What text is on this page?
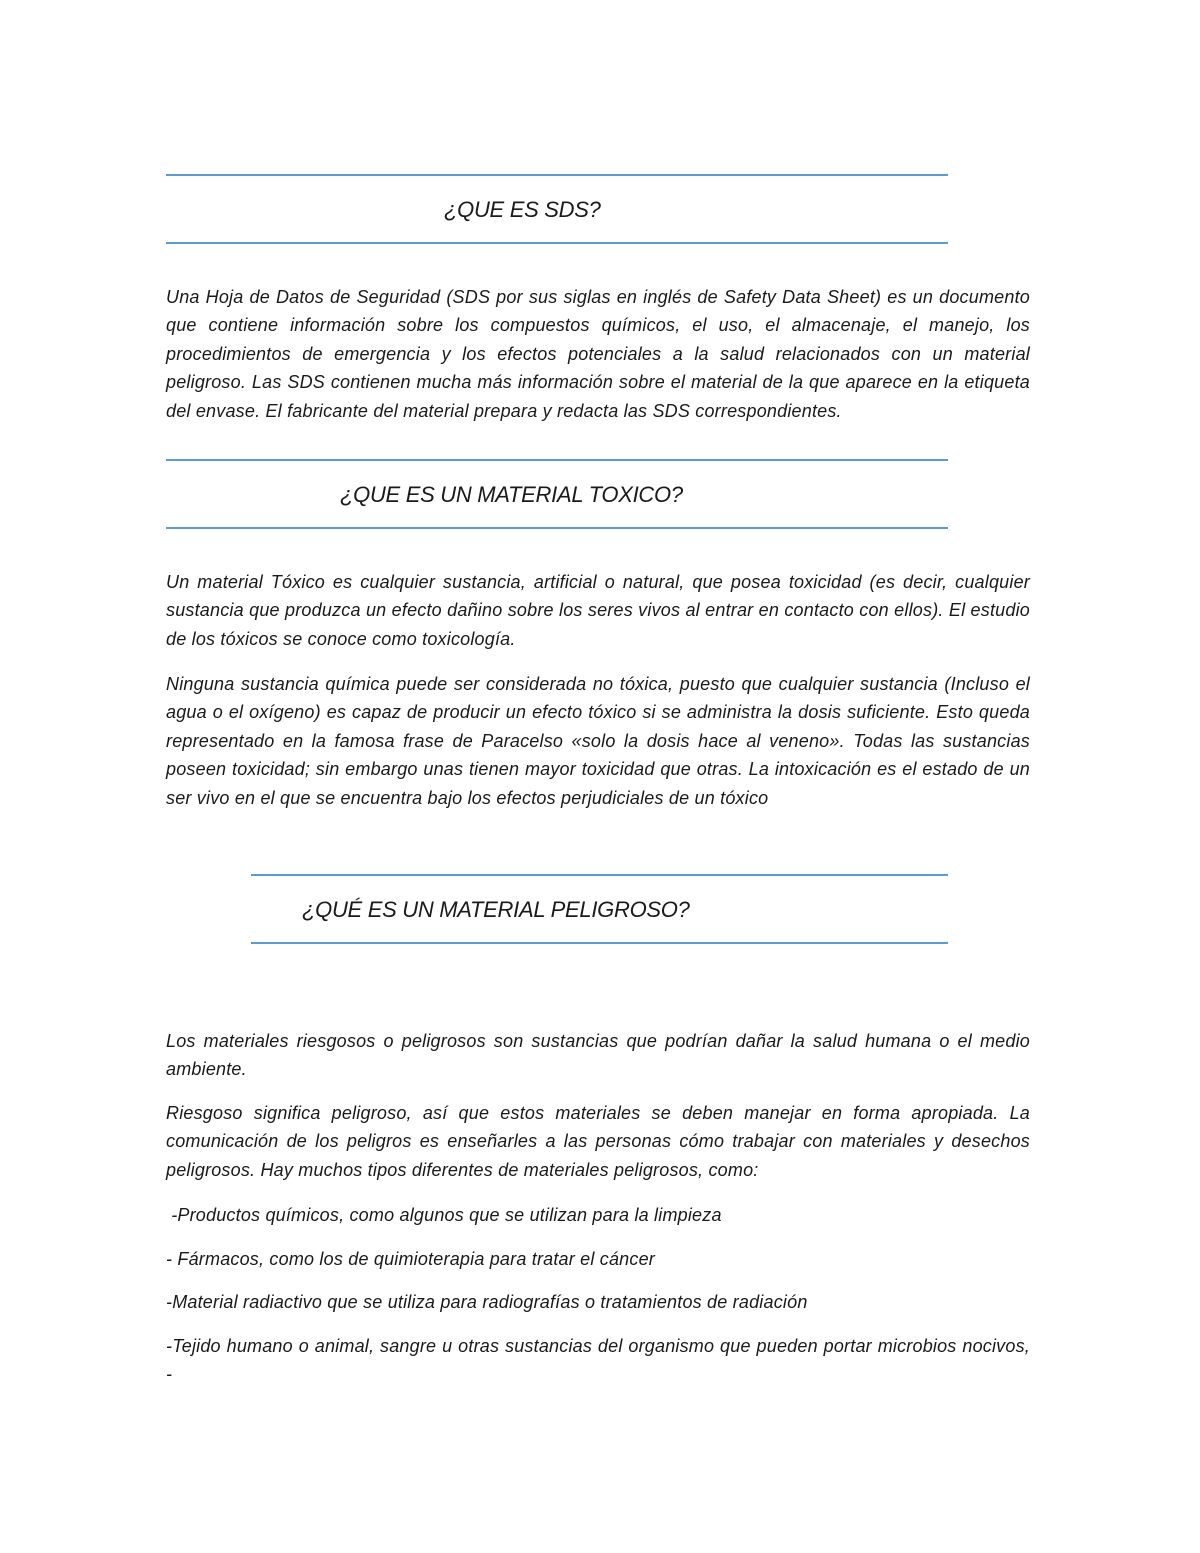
¿QUE ES SDS?

Una Hoja de Datos de Seguridad (SDS por sus siglas en inglés de Safety Data Sheet) es un documento que contiene información sobre los compuestos químicos, el uso, el almacenaje, el manejo, los procedimientos de emergencia y los efectos potenciales a la salud relacionados con un material peligroso. Las SDS contienen mucha más información sobre el material de la que aparece en la etiqueta del envase. El fabricante del material prepara y redacta las SDS correspondientes.

¿QUE ES UN MATERIAL TOXICO?

Un material Tóxico es cualquier sustancia, artificial o natural, que posea toxicidad (es decir, cualquier sustancia que produzca un efecto dañino sobre los seres vivos al entrar en contacto con ellos). El estudio de los tóxicos se conoce como toxicología.

Ninguna sustancia química puede ser considerada no tóxica, puesto que cualquier sustancia (Incluso el agua o el oxígeno) es capaz de producir un efecto tóxico si se administra la dosis suficiente. Esto queda representado en la famosa frase de Paracelso «solo la dosis hace al veneno». Todas las sustancias poseen toxicidad; sin embargo unas tienen mayor toxicidad que otras. La intoxicación es el estado de un ser vivo en el que se encuentra bajo los efectos perjudiciales de un tóxico

¿QUÉ ES UN MATERIAL PELIGROSO?

Los materiales riesgosos o peligrosos son sustancias que podrían dañar la salud humana o el medio ambiente.

Riesgoso significa peligroso, así que estos materiales se deben manejar en forma apropiada. La comunicación de los peligros es enseñarles a las personas cómo trabajar con materiales y desechos peligrosos. Hay muchos tipos diferentes de materiales peligrosos, como:

-Productos químicos, como algunos que se utilizan para la limpieza

- Fármacos, como los de quimioterapia para tratar el cáncer

-Material radiactivo que se utiliza para radiografías o tratamientos de radiación

-Tejido humano o animal, sangre u otras sustancias del organismo que pueden portar microbios nocivos, -
